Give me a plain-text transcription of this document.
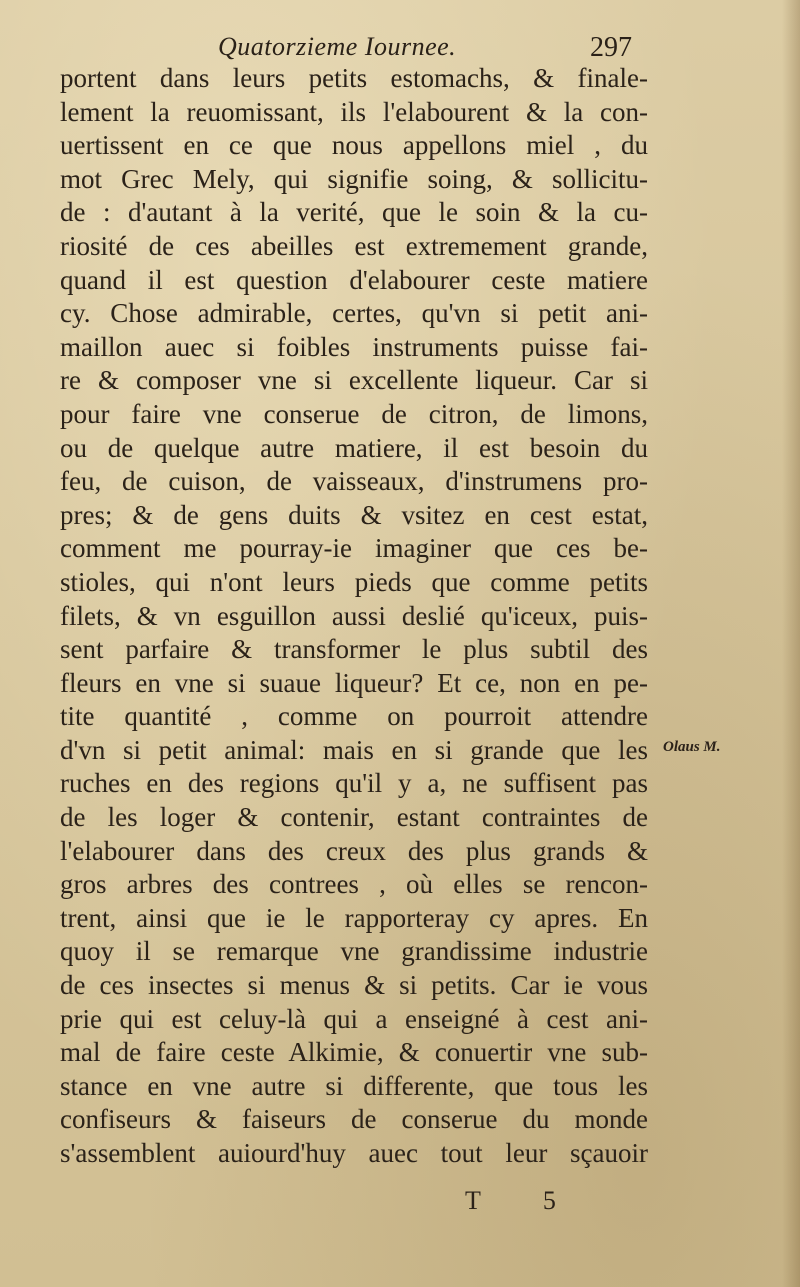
Quatorzieme Iournee.	297
portent dans leurs petits estomachs, & finale-
lement la reuomissant, ils l'elabourent & la con-
uertissent en ce que nous appellons miel , du
mot Grec Mely, qui signifie soing, & sollicitu-
de : d'autant à la verité, que le soin & la cu-
riosité de ces abeilles est extremement grande,
quand il est question d'elabourer ceste matiere
cy. Chose admirable, certes, qu'vn si petit ani-
maillon auec si foibles instruments puisse fai-
re & composer vne si excellente liqueur. Car si
pour faire vne conserue de citron, de limons,
ou de quelque autre matiere, il est besoin du
feu, de cuison, de vaisseaux, d'instrumens pro-
pres; & de gens duits & vsitez en cest estat,
comment me pourray-ie imaginer que ces be-
stioles, qui n'ont leurs pieds que comme petits
filets, & vn esguillon aussi deslié qu'iceux, puis-
sent parfaire & transformer le plus subtil des
fleurs en vne si suaue liqueur? Et ce, non en pe-
tite quantité , comme on pourroit attendre
d'vn si petit animal: mais en si grande que les
ruches en des regions qu'il y a, ne suffisent pas
de les loger & contenir, estant contraintes de
l'elabourer dans des creux des plus grands &
gros arbres des contrees , où elles se rencon-
trent, ainsi que ie le rapporteray cy apres. En
quoy il se remarque vne grandissime industrie
de ces insectes si menus & si petits. Car ie vous
prie qui est celuy-là qui a enseigné à cest ani-
mal de faire ceste Alkimie, & conuertir vne sub-
stance en vne autre si differente, que tous les
confiseurs & faiseurs de conserue du monde
s'assemblent auiourd'huy auec tout leur sçauoir
Olaus M.
T 5
